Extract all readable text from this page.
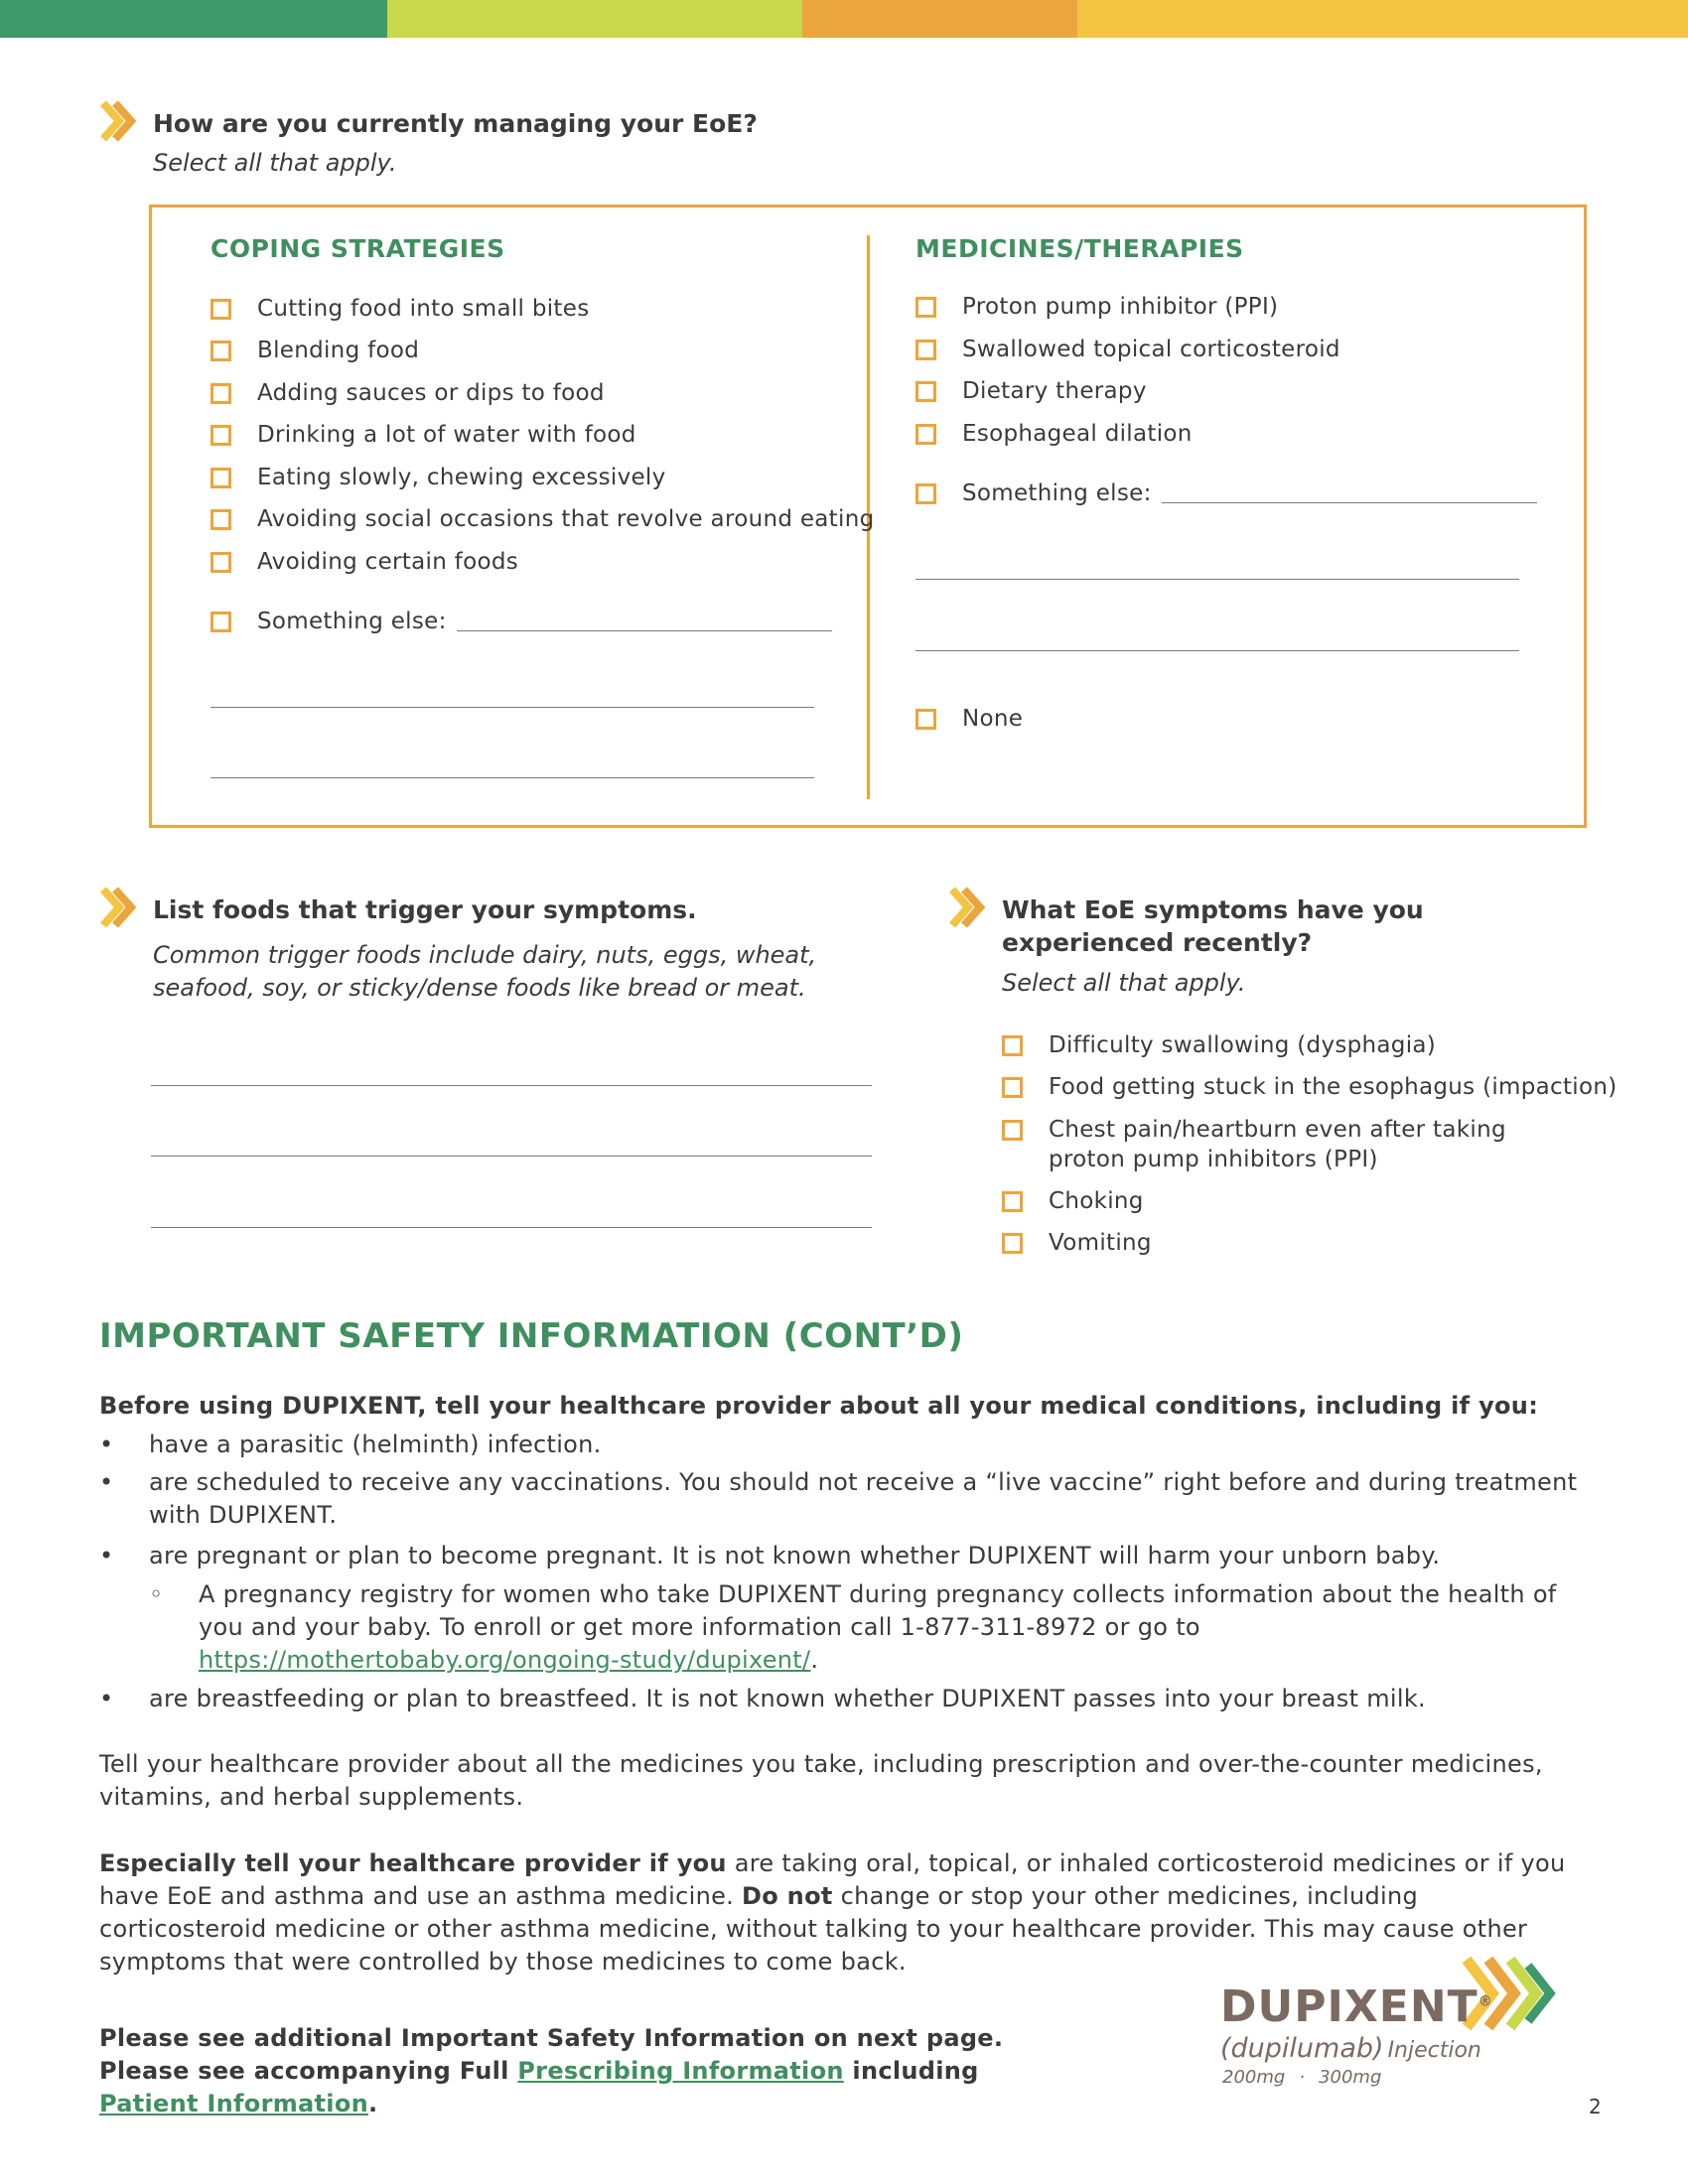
How are you currently managing your EoE?
Select all that apply.
COPING STRATEGIES
Cutting food into small bites
Blending food
Adding sauces or dips to food
Drinking a lot of water with food
Eating slowly, chewing excessively
Avoiding social occasions that revolve around eating
Avoiding certain foods
Something else:
MEDICINES/THERAPIES
Proton pump inhibitor (PPI)
Swallowed topical corticosteroid
Dietary therapy
Esophageal dilation
Something else:
None
List foods that trigger your symptoms.
Common trigger foods include dairy, nuts, eggs, wheat,
seafood, soy, or sticky/dense foods like bread or meat.
What EoE symptoms have you
experienced recently?
Select all that apply.
Difficulty swallowing (dysphagia)
Food getting stuck in the esophagus (impaction)
Chest pain/heartburn even after taking proton pump inhibitors (PPI)
Choking
Vomiting
IMPORTANT SAFETY INFORMATION (CONT’D)
Before using DUPIXENT, tell your healthcare provider about all your medical conditions, including if you:
• have a parasitic (helminth) infection.
• are scheduled to receive any vaccinations. You should not receive a “live vaccine” right before and during treatment with DUPIXENT.
• are pregnant or plan to become pregnant. It is not known whether DUPIXENT will harm your unborn baby.
◦ A pregnancy registry for women who take DUPIXENT during pregnancy collects information about the health of you and your baby. To enroll or get more information call 1-877-311-8972 or go to https://mothertobaby.org/ongoing-study/dupixent/.
• are breastfeeding or plan to breastfeed. It is not known whether DUPIXENT passes into your breast milk.
Tell your healthcare provider about all the medicines you take, including prescription and over-the-counter medicines, vitamins, and herbal supplements.
Especially tell your healthcare provider if you are taking oral, topical, or inhaled corticosteroid medicines or if you have EoE and asthma and use an asthma medicine. Do not change or stop your other medicines, including corticosteroid medicine or other asthma medicine, without talking to your healthcare provider. This may cause other symptoms that were controlled by those medicines to come back.
Please see additional Important Safety Information on next page. Please see accompanying Full Prescribing Information including Patient Information.
DUPIXENT®
(dupilumab) Injection
200mg · 300mg
2
